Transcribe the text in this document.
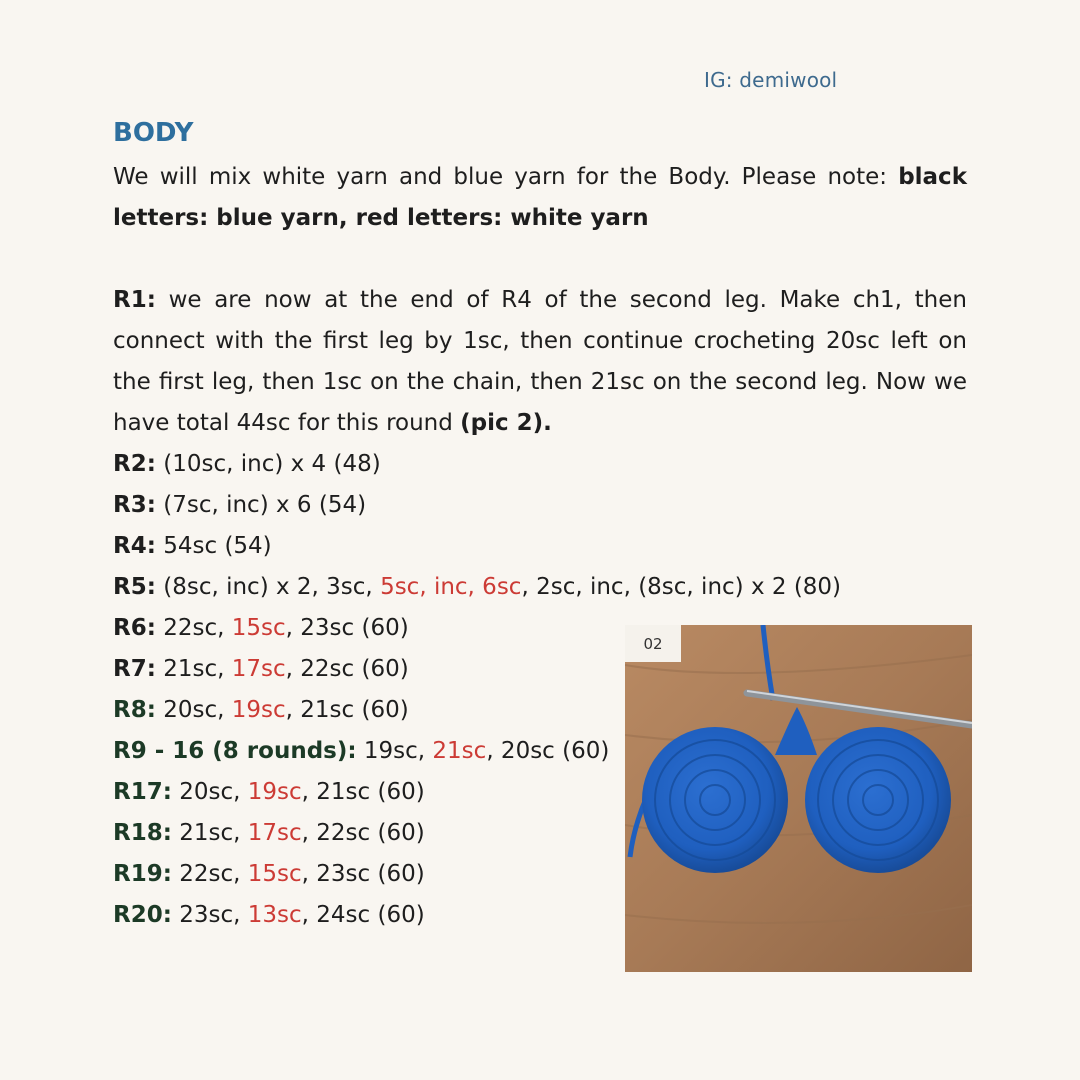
IG: demiwool
BODY
We will mix white yarn and blue yarn for the Body. Please note: black letters: blue yarn, red letters: white yarn
R1: we are now at the end of R4 of the second leg. Make ch1, then connect with the first leg by 1sc, then continue crocheting 20sc left on the first leg, then 1sc on the chain, then 21sc on the second leg. Now we have total 44sc for this round (pic 2).
R2: (10sc, inc) x 4 (48)
R3: (7sc, inc) x 6 (54)
R4: 54sc (54)
R5: (8sc, inc) x 2, 3sc, 5sc, inc, 6sc, 2sc, inc, (8sc, inc) x 2 (80)
R6: 22sc, 15sc, 23sc (60)
R7: 21sc, 17sc, 22sc (60)
R8: 20sc, 19sc, 21sc (60)
R9 - 16 (8 rounds): 19sc, 21sc, 20sc (60)
R17: 20sc, 19sc, 21sc (60)
R18: 21sc, 17sc, 22sc (60)
R19: 22sc, 15sc, 23sc (60)
R20: 23sc, 13sc, 24sc (60)
02
